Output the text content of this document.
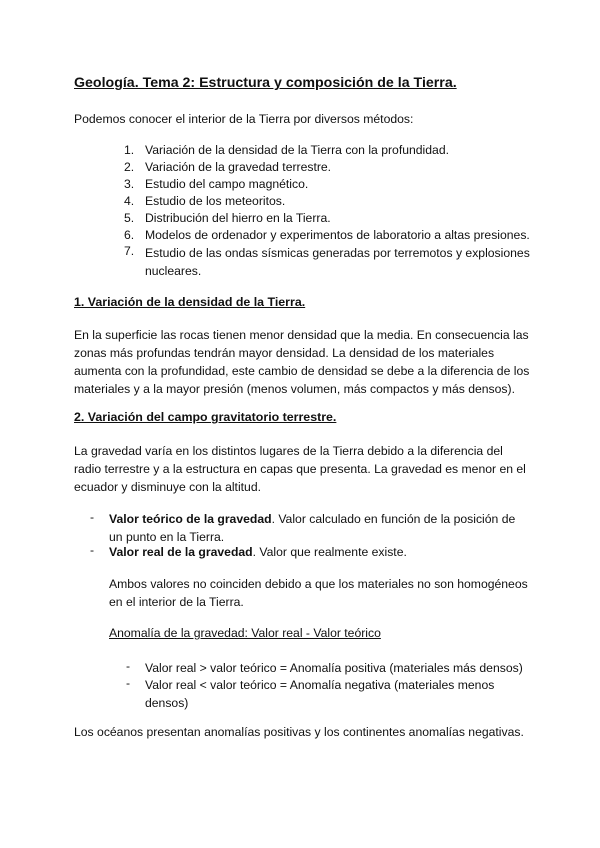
Geología. Tema 2: Estructura y composición de la Tierra.
Podemos conocer el interior de la Tierra por diversos métodos:
1. Variación de la densidad de la Tierra con la profundidad.
2. Variación de la gravedad terrestre.
3. Estudio del campo magnético.
4. Estudio de los meteoritos.
5. Distribución del hierro en la Tierra.
6. Modelos de ordenador y experimentos de laboratorio a altas presiones.
7. Estudio de las ondas sísmicas generadas por terremotos y explosiones nucleares.
1. Variación de la densidad de la Tierra.
En la superficie las rocas tienen menor densidad que la media. En consecuencia las zonas más profundas tendrán mayor densidad. La densidad de los materiales aumenta con la profundidad, este cambio de densidad se debe a la diferencia de los materiales y a la mayor presión (menos volumen, más compactos y más densos).
2. Variación del campo gravitatorio terrestre.
La gravedad varía en los distintos lugares de la Tierra debido a la diferencia del radio terrestre y a la estructura en capas que presenta. La gravedad es menor en el ecuador y disminuye con la altitud.
- Valor teórico de la gravedad. Valor calculado en función de la posición de un punto en la Tierra.
- Valor real de la gravedad. Valor que realmente existe.
Ambos valores no coinciden debido a que los materiales no son homogéneos en el interior de la Tierra.
Anomalía de la gravedad: Valor real - Valor teórico
- Valor real > valor teórico = Anomalía positiva (materiales más densos)
- Valor real < valor teórico = Anomalía negativa (materiales menos densos)
Los océanos presentan anomalías positivas y los continentes anomalías negativas.
